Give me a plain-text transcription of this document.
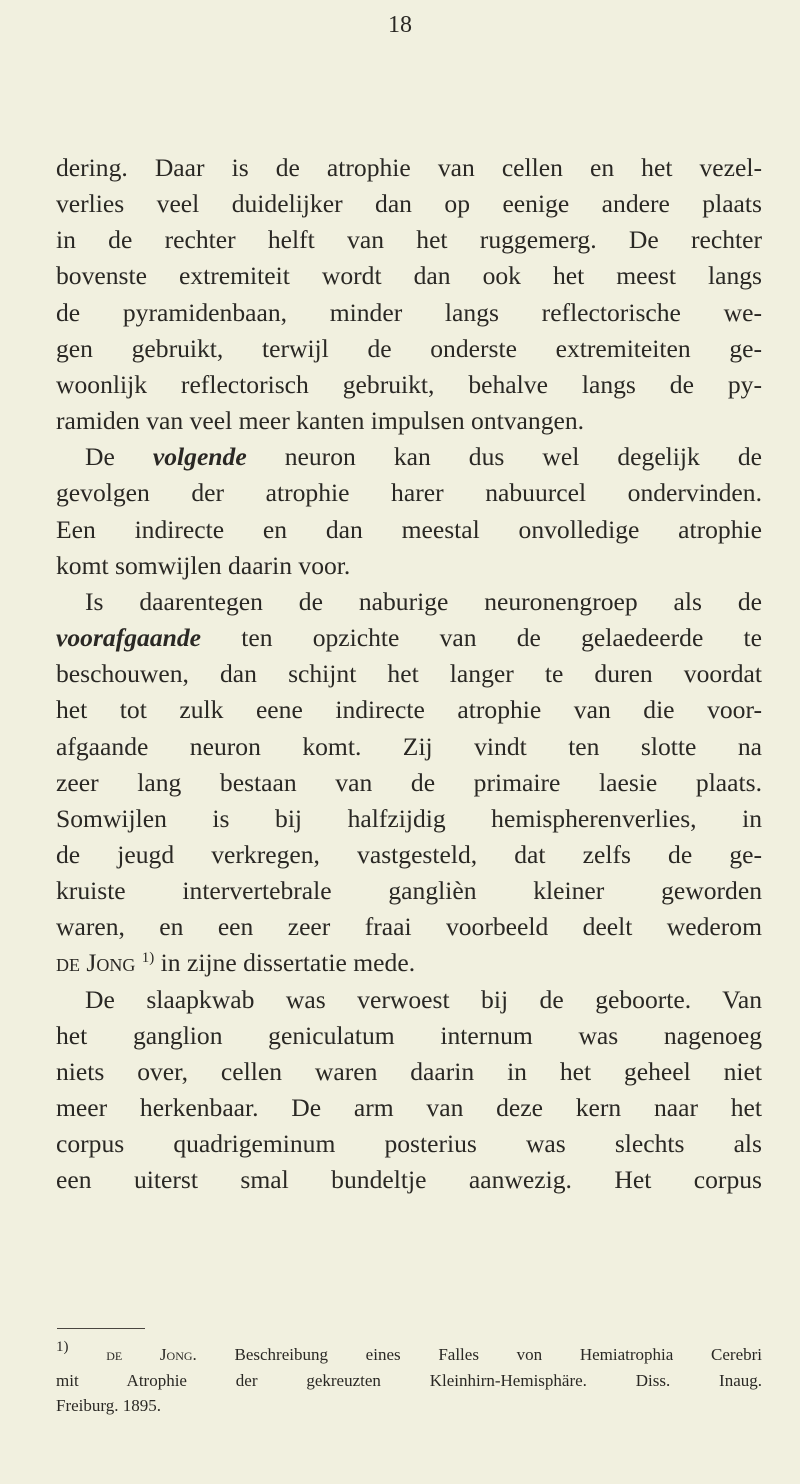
18

dering. Daar is de atrophie van cellen en het vezel-
verlies veel duidelijker dan op eenige andere plaats
in de rechter helft van het ruggemerg. De rechter
bovenste extremiteit wordt dan ook het meest langs
de pyramidenbaan, minder langs reflectorische we-
gen gebruikt, terwijl de onderste extremiteiten ge-
woonlijk reflectorisch gebruikt, behalve langs de py-
ramiden van veel meer kanten impulsen ontvangen.

De volgende neuron kan dus wel degelijk de
gevolgen der atrophie harer nabuurcel ondervinden.
Een indirecte en dan meestal onvolledige atrophie
komt somwijlen daarin voor.

Is daarentegen de naburige neuronengroep als de
voorafgaande ten opzichte van de gelaedeerde te
beschouwen, dan schijnt het langer te duren voordat
het tot zulk eene indirecte atrophie van die voor-
afgaande neuron komt. Zij vindt ten slotte na
zeer lang bestaan van de primaire laesie plaats.
Somwijlen is bij halfzijdig hemispherenverlies, in
de jeugd verkregen, vastgesteld, dat zelfs de ge-
kruiste intervertebrale ganglièn kleiner geworden
waren, en een zeer fraai voorbeeld deelt wederom
de Jong $^{1)}$ in zijne dissertatie mede.

De slaapkwab was verwoest bij de geboorte. Van
het ganglion geniculatum internum was nagenoeg
niets over, cellen waren daarin in het geheel niet
meer herkenbaar. De arm van deze kern naar het
corpus quadrigeminum posterius was slechts als
een uiterst smal bundeltje aanwezig. Het corpus

$^{1)}$ de Jong. Beschreibung eines Falles von Hemiatrophia Cerebri
mit Atrophie der gekreuzten Kleinhirn-Hemisphäre. Diss. Inaug.
Freiburg. 1895.
